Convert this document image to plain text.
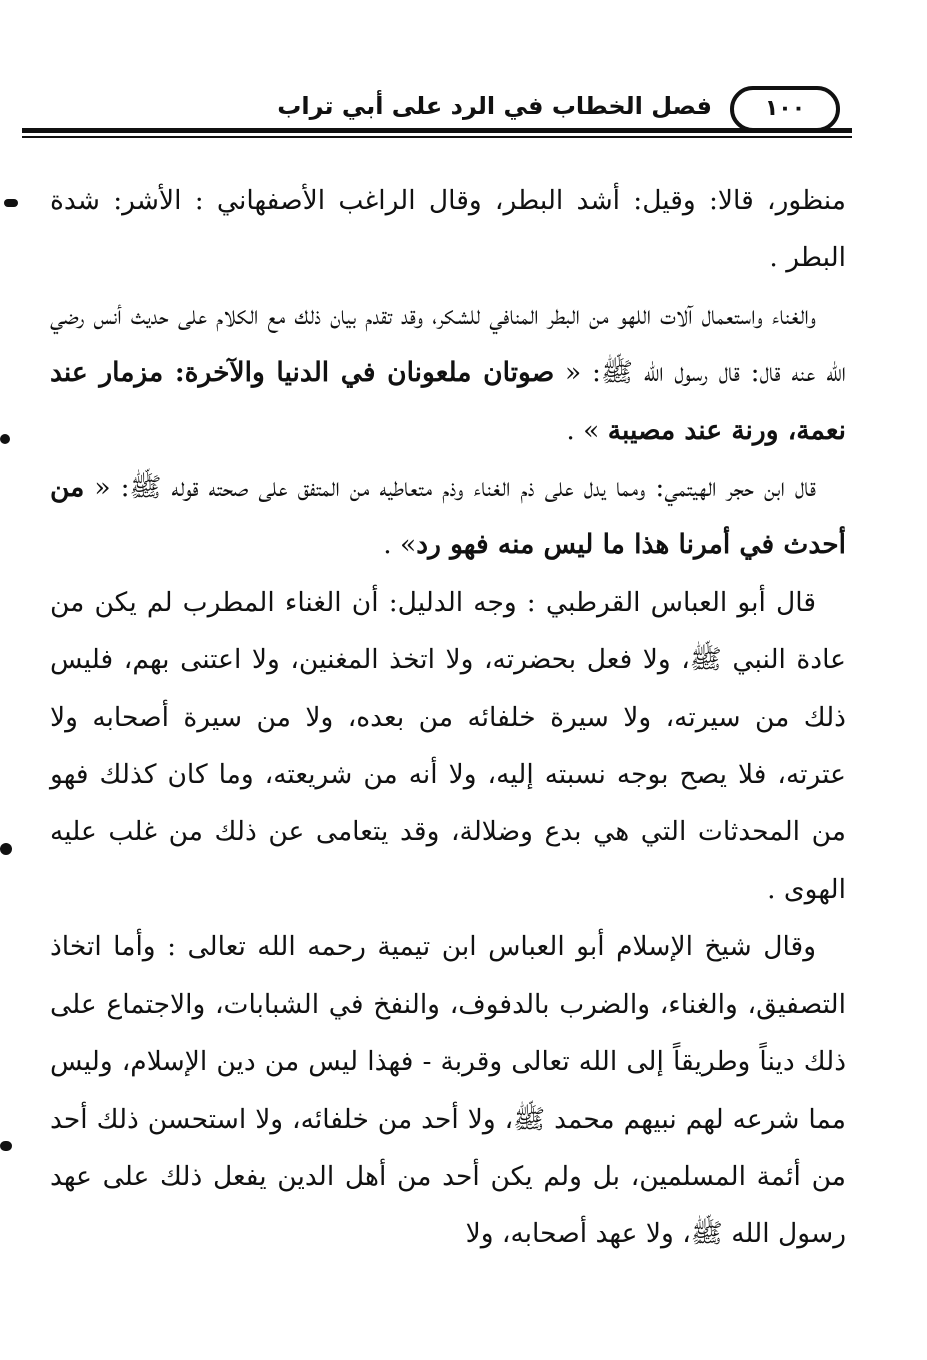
فصل الخطاب في الرد على أبي تراب	١٠٠

منظور، قالا: وقيل: أشد البطر، وقال الراغب الأصفهاني : الأشر: شدة البطر .

والغناء واستعمال آلات اللهو من البطر المنافي للشكر، وقد تقدم بيان ذلك مع الكلام على حديث أنس رضي الله عنه قال: قال رسول الله ﷺ: « صوتان ملعونان في الدنيا والآخرة: مزمار عند نعمة، ورنة عند مصيبة » .

قال ابن حجر الهيتمي: ومما يدل على ذم الغناء وذم متعاطيه من المتفق على صحته قوله ﷺ: « من أحدث في أمرنا هذا ما ليس منه فهو رد» .

قال أبو العباس القرطبي : وجه الدليل: أن الغناء المطرب لم يكن من عادة النبي ﷺ، ولا فعل بحضرته، ولا اتخذ المغنين، ولا اعتنى بهم، فليس ذلك من سيرته، ولا سيرة خلفائه من بعده، ولا من سيرة أصحابه ولا عترته، فلا يصح بوجه نسبته إليه، ولا أنه من شريعته، وما كان كذلك فهو من المحدثات التي هي بدع وضلالة، وقد يتعامى عن ذلك من غلب عليه الهوى .

وقال شيخ الإسلام أبو العباس ابن تيمية رحمه الله تعالى : وأما اتخاذ التصفيق، والغناء، والضرب بالدفوف، والنفخ في الشبابات، والاجتماع على ذلك ديناً وطريقاً إلى الله تعالى وقربة - فهذا ليس من دين الإسلام، وليس مما شرعه لهم نبيهم محمد ﷺ، ولا أحد من خلفائه، ولا استحسن ذلك أحد من أئمة المسلمين، بل ولم يكن أحد من أهل الدين يفعل ذلك على عهد رسول الله ﷺ، ولا عهد أصحابه، ولا
